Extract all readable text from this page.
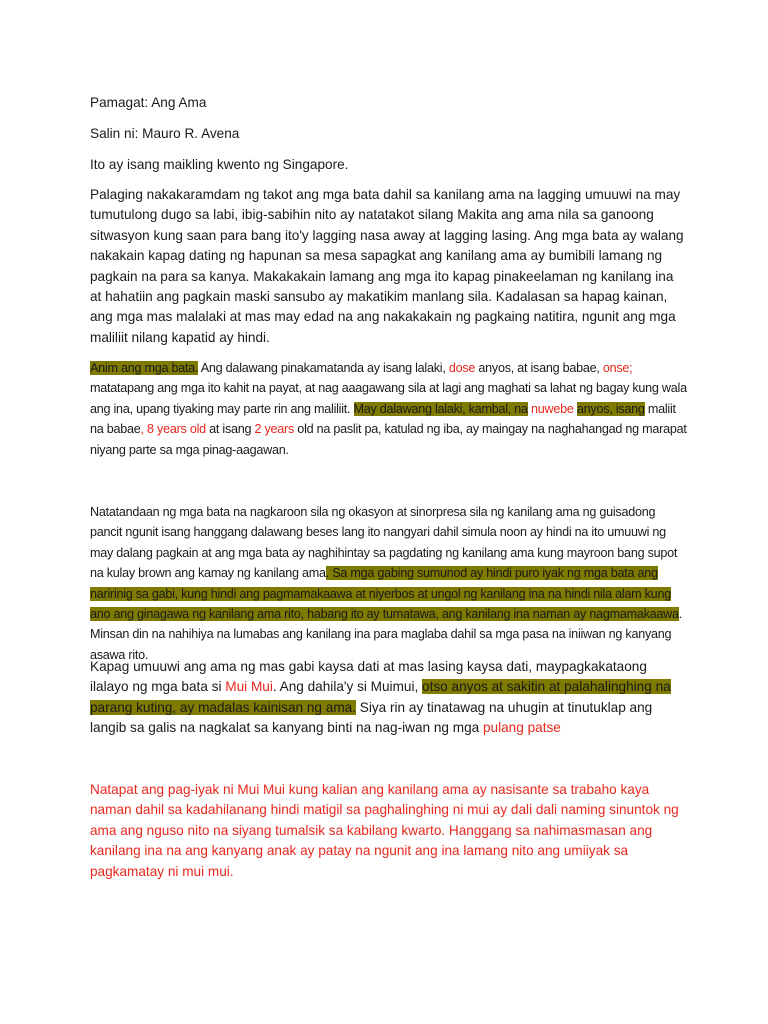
Pamagat: Ang Ama

Salin ni: Mauro R. Avena

Ito ay isang maikling kwento ng Singapore.

Palaging nakakaramdam ng takot ang mga bata dahil sa kanilang ama na lagging umuuwi na may tumutulong dugo sa labi, ibig-sabihin nito ay natatakot silang Makita ang ama nila sa ganoong sitwasyon kung saan para bang ito'y lagging nasa away at lagging lasing. Ang mga bata ay walang nakakain kapag dating ng hapunan sa mesa sapagkat ang kanilang ama ay bumibili lamang ng pagkain na para sa kanya. Makakakain lamang ang mga ito kapag pinakeelaman ng kanilang ina at hahatiin ang pagkain maski sansubo ay makatikim manlang sila. Kadalasan sa hapag kainan, ang mga mas malalaki at mas may edad na ang nakakakain ng pagkaing natitira, ngunit ang mga maliliit nilang kapatid ay hindi.

Anim ang mga bata. Ang dalawang pinakamatanda ay isang lalaki, dose anyos, at isang babae, onse; matatapang ang mga ito kahit na payat, at nag aaagawang sila at lagi ang maghati sa lahat ng bagay kung wala ang ina, upang tiyaking may parte rin ang maliliit. May dalawang lalaki, kambal, na nuwebe anyos, isang maliit na babae, 8 years old at isang 2 years old na paslit pa, katulad ng iba, ay maingay na naghahangad ng marapat niyang parte sa mga pinag-aagawan.

Natatandaan ng mga bata na nagkaroon sila ng okasyon at sinorpresa sila ng kanilang ama ng guisadong pancit ngunit isang hanggang dalawang beses lang ito nangyari dahil simula noon ay hindi na ito umuuwi ng may dalang pagkain at ang mga bata ay naghihintay sa pagdating ng kanilang ama kung mayroon bang supot na kulay brown ang kamay ng kanilang ama. Sa mga gabing sumunod ay hindi puro iyak ng mga bata ang naririnig sa gabi, kung hindi ang pagmamakaawa at niyerbos at ungol ng kanilang ina na hindi nila alam kung ano ang ginagawa ng kanilang ama rito, habang ito ay tumatawa, ang kanilang ina naman ay nagmamakaawa. Minsan din na nahihiya na lumabas ang kanilang ina para maglaba dahil sa mga pasa na iniiwan ng kanyang asawa rito.

Kapag umuuwi ang ama ng mas gabi kaysa dati at mas lasing kaysa dati, maypagkakataong ilalayo ng mga bata si Mui Mui. Ang dahila'y si Muimui, otso anyos at sakitin at palahalinghing na parang kuting, ay madalas kainisan ng ama. Siya rin ay tinatawag na uhugin at tinutuklap ang langib sa galis na nagkalat sa kanyang binti na nag-iwan ng mga pulang patse

Natapat ang pag-iyak ni Mui Mui kung kalian ang kanilang ama ay nasisante sa trabaho kaya naman dahil sa kadahilanang hindi matigil sa paghalinghing ni mui ay dali dali naming sinuntok ng ama ang nguso nito na siyang tumalsik sa kabilang kwarto. Hanggang sa nahimasmasan ang kanilang ina na ang kanyang anak ay patay na ngunit ang ina lamang nito ang umiiyak sa pagkamatay ni mui mui.
